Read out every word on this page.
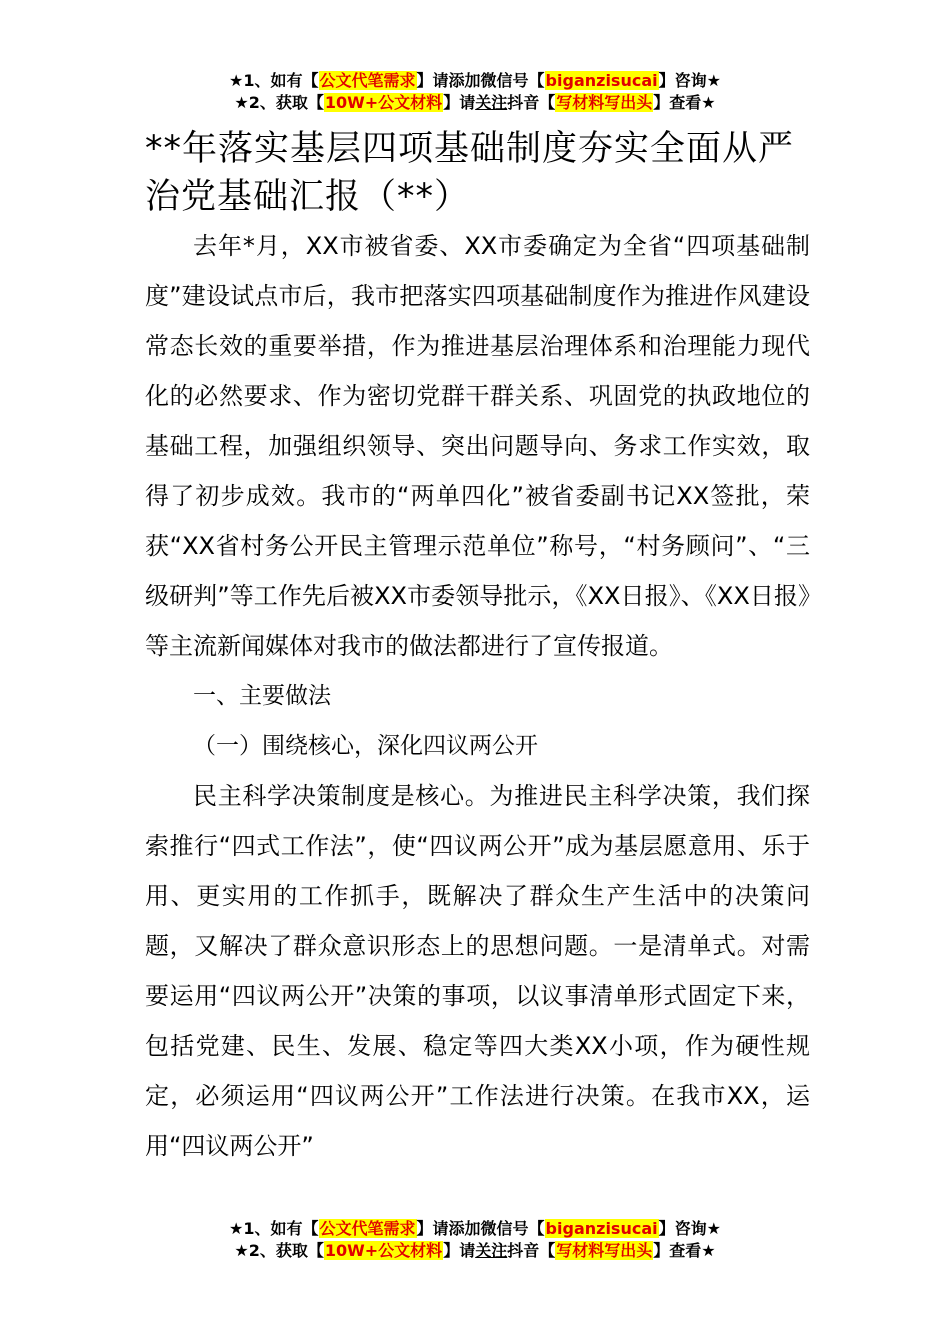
★1、如有【公文代笔需求】请添加微信号【biganzisucai】咨询★
★2、获取【10W+公文材料】请关注抖音【写材料写出头】查看★
**年落实基层四项基础制度夯实全面从严治党基础汇报（**）

去年*月，XX市被省委、XX市委确定为全省“四项基础制度”建设试点市后，我市把落实四项基础制度作为推进作风建设常态长效的重要举措，作为推进基层治理体系和治理能力现代化的必然要求、作为密切党群干群关系、巩固党的执政地位的基础工程，加强组织领导、突出问题导向、务求工作实效，取得了初步成效。我市的“两单四化”被省委副书记XX签批，荣获“XX省村务公开民主管理示范单位”称号，“村务顾问”、“三级研判”等工作先后被XX市委领导批示，《XX日报》、《XX日报》等主流新闻媒体对我市的做法都进行了宣传报道。

一、主要做法

（一）围绕核心，深化四议两公开

民主科学决策制度是核心。为推进民主科学决策，我们探索推行“四式工作法”，使“四议两公开”成为基层愿意用、乐于用、更实用的工作抓手，既解决了群众生产生活中的决策问题，又解决了群众意识形态上的思想问题。一是清单式。对需要运用“四议两公开”决策的事项，以议事清单形式固定下来，包括党建、民生、发展、稳定等四大类XX小项，作为硬性规定，必须运用“四议两公开”工作法进行决策。在我市XX，运用“四议两公开”

★1、如有【公文代笔需求】请添加微信号【biganzisucai】咨询★
★2、获取【10W+公文材料】请关注抖音【写材料写出头】查看★
